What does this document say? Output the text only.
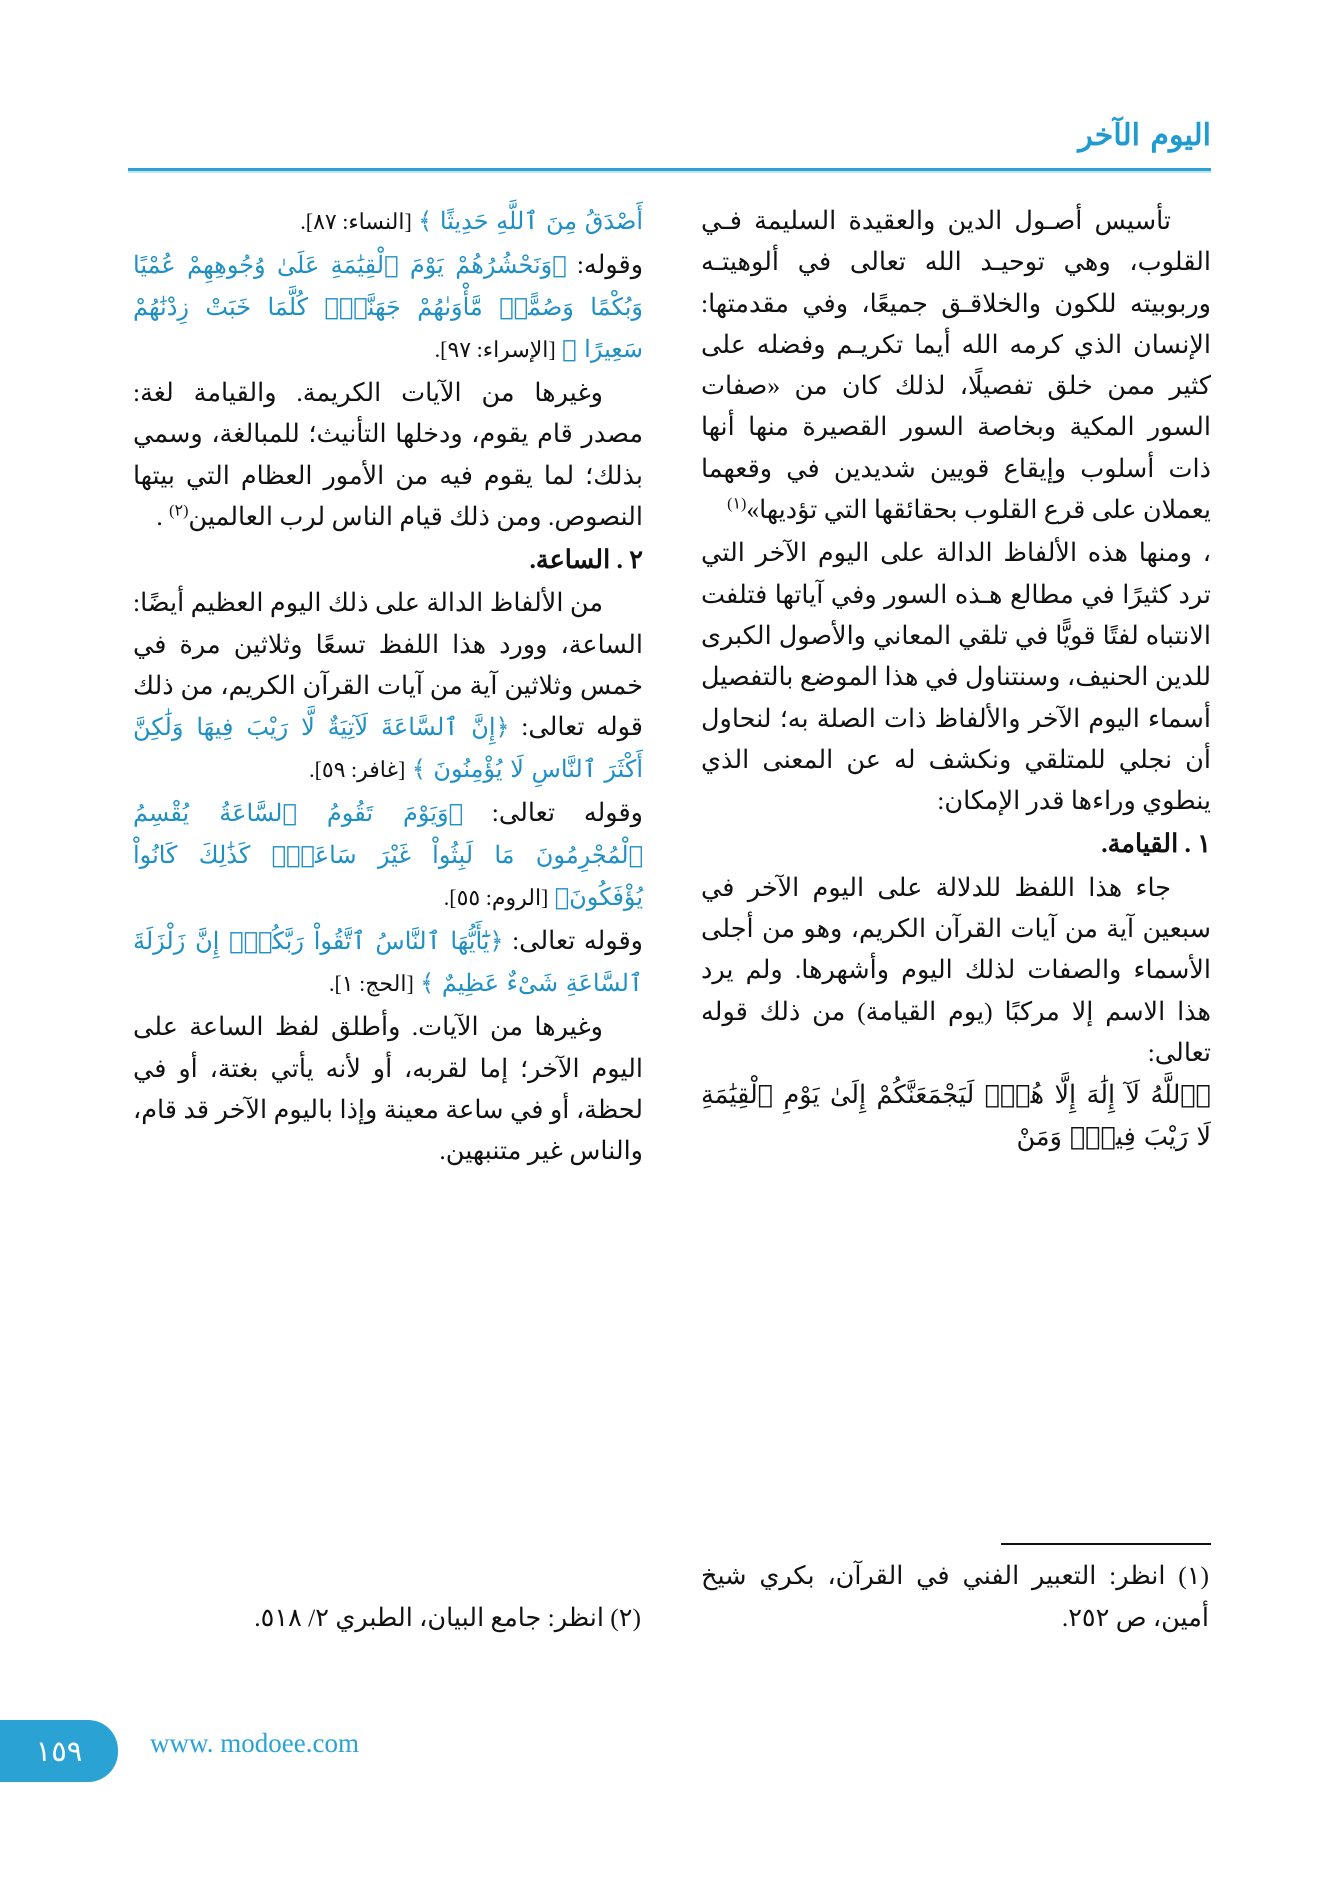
اليوم الآخر

تأسيس أصـول الدين والعقيدة السليمة فـي القلوب، وهي توحيـد الله تعالى في ألوهيتـه وربوبيته للكون والخلاقـق جميعًا، وفي مقدمتها: الإنسان الذي كرمه الله أيما تكريـم وفضله على كثير ممن خلق تفصيلًا، لذلك كان من «صفات السور المكية وبخاصة السور القصيرة منها أنها ذات أسلوب وإيقاع قويين شديدين في وقعهما يعملان على قرع القلوب بحقائقها التي تؤديها»$^{(١)}$

، ومنها هذه الألفاظ الدالة على اليوم الآخر التي ترد كثيرًا في مطالع هـذه السور وفي آياتها فتلفت الانتباه لفتًا قويًّا في تلقي المعاني والأصول الكبرى للدين الحنيف، وسنتناول في هذا الموضع بالتفصيل أسماء اليوم الآخر والألفاظ ذات الصلة به؛ لنحاول أن نجلي للمتلقي ونكشف له عن المعنى الذي ينطوي وراءها قدر الإمكان:

١ . القيامة.

جاء هذا اللفظ للدلالة على اليوم الآخر في سبعين آية من آيات القرآن الكريم، وهو من أجلى الأسماء والصفات لذلك اليوم وأشهرها. ولم يرد هذا الاسم إلا مركبًا (يوم القيامة) من ذلك قوله تعالى:

﴿ٱللَّهُ لَآ إِلَٰهَ إِلَّا هُوَۚ لَيَجْمَعَنَّكُمْ إِلَىٰ يَوْمِ ٱلْقِيَٰمَةِ لَا رَيْبَ فِيهِۗ وَمَنْ

(١) انظر: التعبير الفني في القرآن، بكري شيخ أمين، ص ٢٥٢.

أَصْدَقُ مِنَ ٱللَّهِ حَدِيثًا ﴾ [النساء: ٨٧].

وقوله: ﴿وَنَحْشُرُهُمْ يَوْمَ ٱلْقِيَٰمَةِ عَلَىٰ وُجُوهِهِمْ عُمْيًا وَبُكْمًا وَصُمًّاۖ مَّأْوَىٰهُمْ جَهَنَّمُۖ كُلَّمَا خَبَتْ زِدْنَٰهُمْ سَعِيرًا ﴾ [الإسراء: ٩٧].

وغيرها من الآيات الكريمة. والقيامة لغة: مصدر قام يقوم، ودخلها التأنيث؛ للمبالغة، وسمي بذلك؛ لما يقوم فيه من الأمور العظام التي بيتها النصوص. ومن ذلك قيام الناس لرب العالمين$^{(٢)}$ .

٢ . الساعة.

من الألفاظ الدالة على ذلك اليوم العظيم أيضًا: الساعة، وورد هذا اللفظ تسعًا وثلاثين مرة في خمس وثلاثين آية من آيات القرآن الكريم، من ذلك قوله تعالى: ﴿إِنَّ ٱلسَّاعَةَ لَآتِيَةٌ لَّا رَيْبَ فِيهَا وَلَٰكِنَّ أَكْثَرَ ٱلنَّاسِ لَا يُؤْمِنُونَ ﴾ [غافر: ٥٩].

وقوله تعالى: ﴿وَيَوْمَ تَقُومُ ٱلسَّاعَةُ يُقْسِمُ ٱلْمُجْرِمُونَ مَا لَبِثُواْ غَيْرَ سَاعَةٍۚ كَذَٰلِكَ كَانُواْ يُؤْفَكُونَ﴾ [الروم: ٥٥].

وقوله تعالى: ﴿يَٰٓأَيُّهَا ٱلنَّاسُ ٱتَّقُواْ رَبَّكُمْۚ إِنَّ زَلْزَلَةَ ٱلسَّاعَةِ شَىْءٌ عَظِيمٌ ﴾ [الحج: ١].

وغيرها من الآيات. وأطلق لفظ الساعة على اليوم الآخر؛ إما لقربه، أو لأنه يأتي بغتة، أو في لحظة، أو في ساعة معينة وإذا باليوم الآخر قد قام، والناس غير متنبهين.

(٢) انظر: جامع البيان، الطبري ٢/ ٥١٨.

١٥٩	www. modoee.com
